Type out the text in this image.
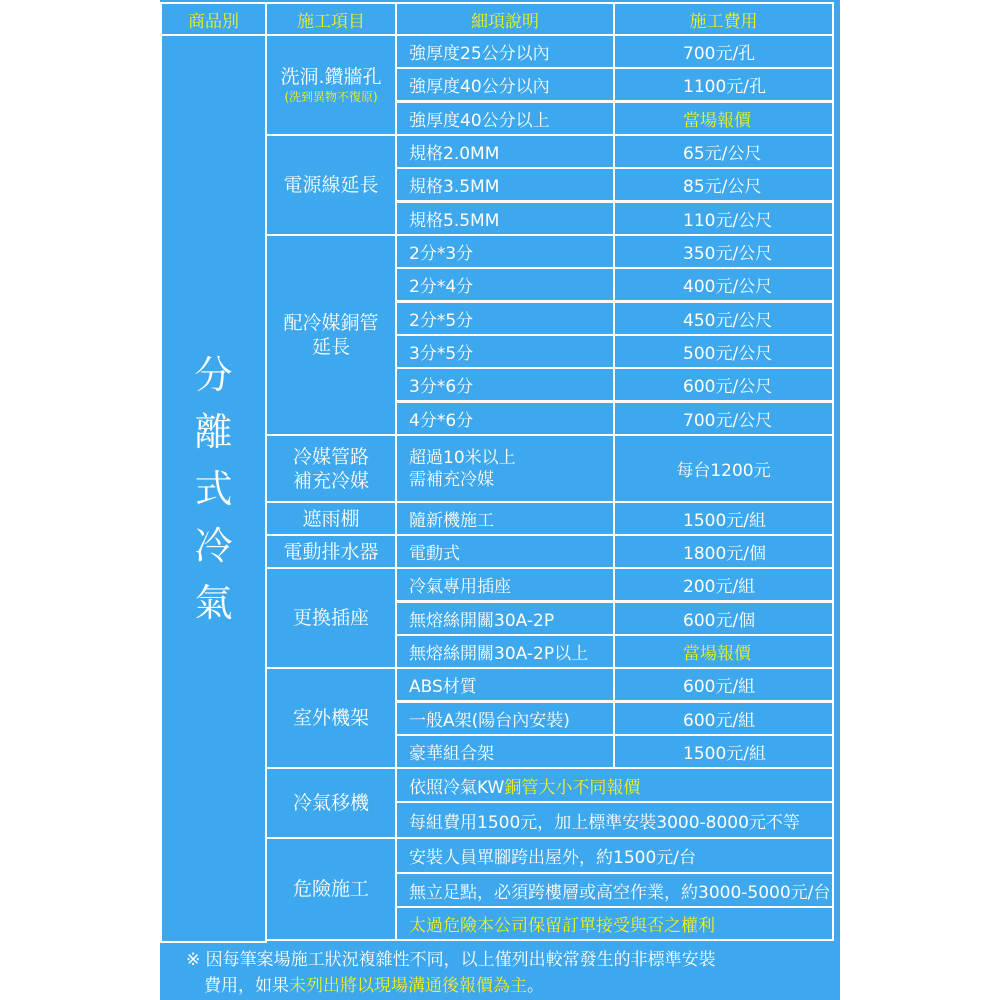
商品別	施工項目	細項說明	施工費用
分
離
式
冷
氣
洗洞.鑽牆孔
(洗到異物不復原)
強厚度25公分以內	700元/孔
強厚度40公分以內	1100元/孔
強厚度40公分以上	當場報價
電源線延長
規格2.0MM	65元/公尺
規格3.5MM	85元/公尺
規格5.5MM	110元/公尺
配冷媒銅管
延長
2分*3分	350元/公尺
2分*4分	400元/公尺
2分*5分	450元/公尺
3分*5分	500元/公尺
3分*6分	600元/公尺
4分*6分	700元/公尺
冷媒管路
補充冷媒
超過10米以上
需補充冷媒	每台1200元
遮雨棚	隨新機施工	1500元/組
電動排水器	電動式	1800元/個
更換插座
冷氣專用插座	200元/組
無熔絲開關30A-2P	600元/個
無熔絲開關30A-2P以上	當場報價
室外機架
ABS材質	600元/組
一般A架(陽台內安裝)	600元/組
豪華組合架	1500元/組
冷氣移機
依照冷氣KW 銅管大小不同報價
每組費用1500元，加上標準安裝3000-8000元不等
危險施工
安裝人員單腳跨出屋外，約1500元/台
無立足點，必須跨樓層或高空作業，約3000-5000元/台
太過危險本公司保留訂單接受與否之權利
※ 因每筆案場施工狀況複雜性不同，以上僅列出較常發生的非標準安裝
費用，如果未列出將以現場溝通後報價為主。
